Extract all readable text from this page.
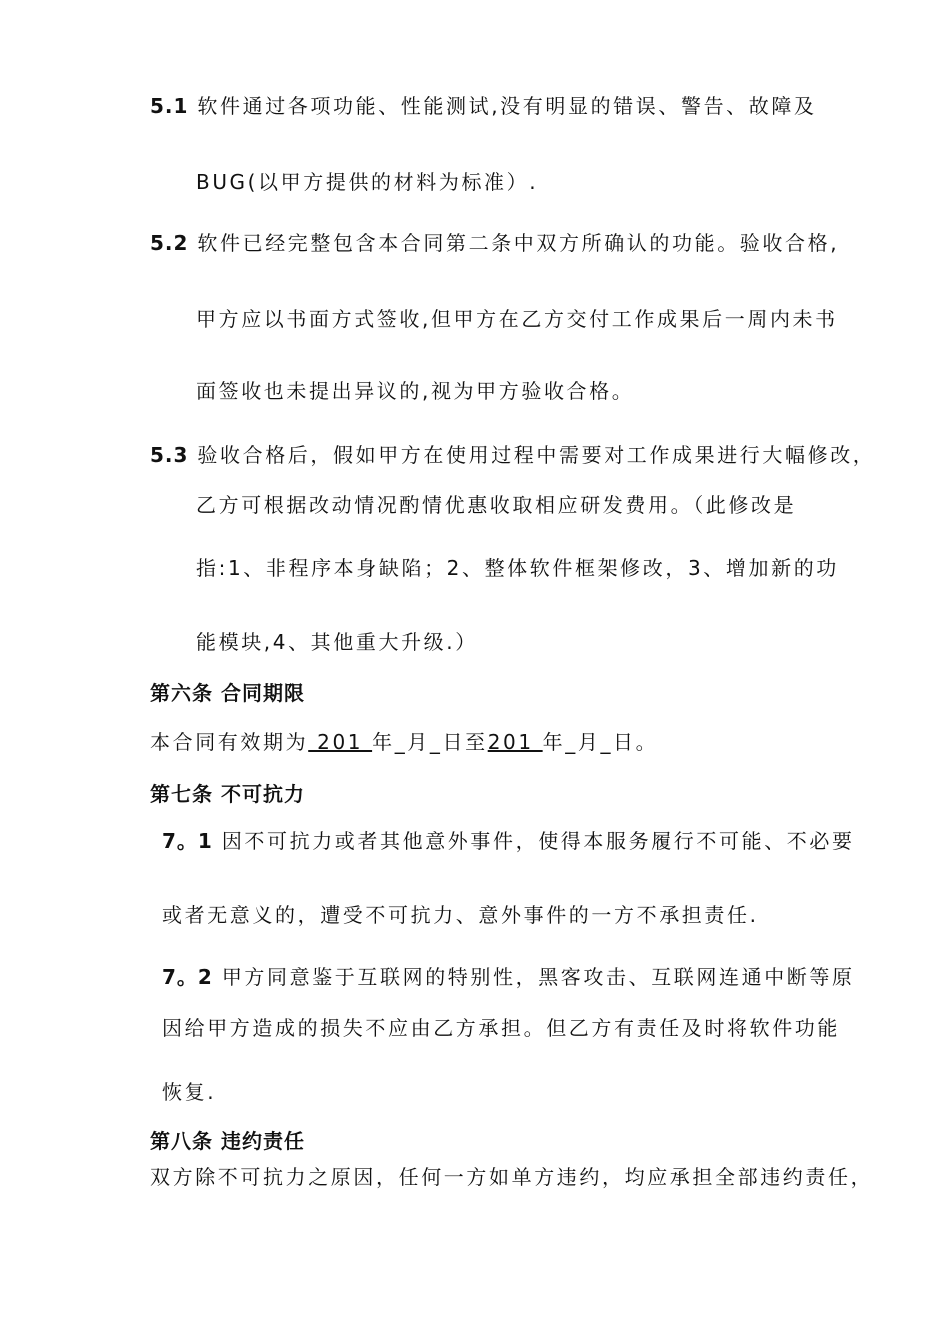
5.1 软件通过各项功能、性能测试,没有明显的错误、警告、故障及
BUG(以甲方提供的材料为标准）.
5.2 软件已经完整包含本合同第二条中双方所确认的功能。验收合格,
甲方应以书面方式签收,但甲方在乙方交付工作成果后一周内未书
面签收也未提出异议的,视为甲方验收合格。
5.3 验收合格后，假如甲方在使用过程中需要对工作成果进行大幅修改，
乙方可根据改动情况酌情优惠收取相应研发费用。（此修改是
指:1、非程序本身缺陷；2、整体软件框架修改，3、增加新的功
能模块,4、其他重大升级.）
第六条 合同期限
本合同有效期为 201 年_月_日至201 年_月_日。
第七条 不可抗力
7。1 因不可抗力或者其他意外事件，使得本服务履行不可能、不必要
或者无意义的，遭受不可抗力、意外事件的一方不承担责任.
7。2 甲方同意鉴于互联网的特别性，黑客攻击、互联网连通中断等原
因给甲方造成的损失不应由乙方承担。但乙方有责任及时将软件功能
恢复.
第八条 违约责任
双方除不可抗力之原因，任何一方如单方违约，均应承担全部违约责任，
